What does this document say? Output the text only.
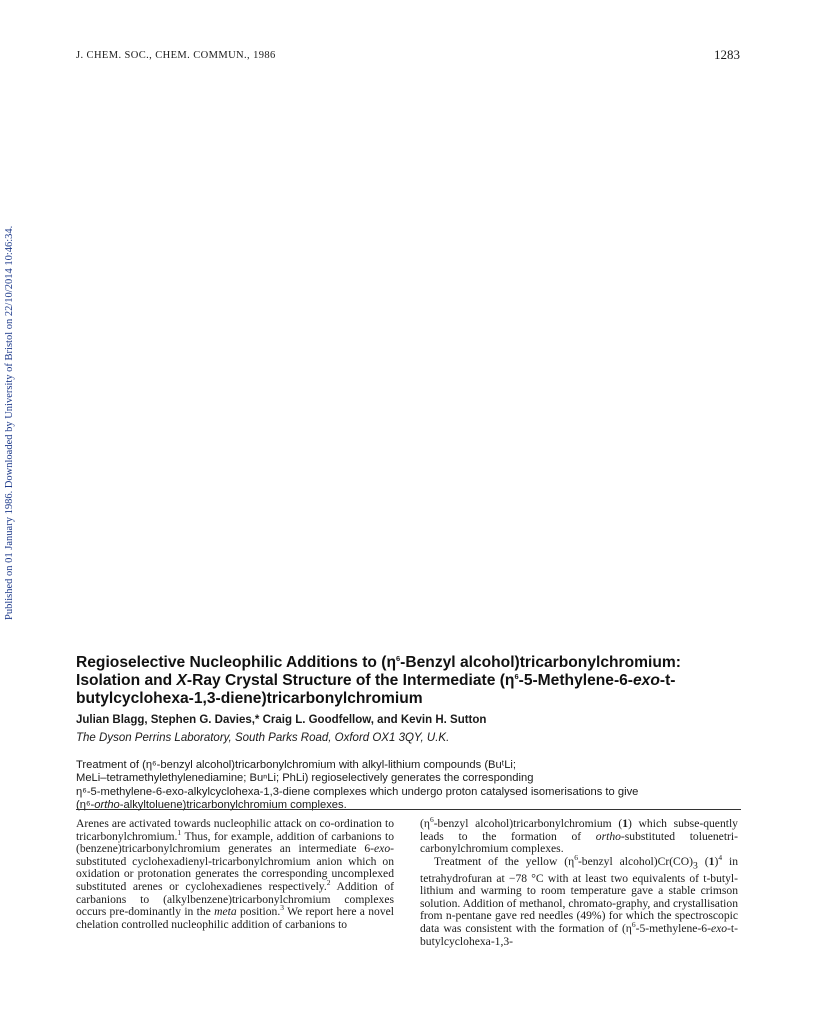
J. CHEM. SOC., CHEM. COMMUN., 1986	1283
Published on 01 January 1986. Downloaded by University of Bristol on 22/10/2014 10:46:34.
Regioselective Nucleophilic Additions to ($\eta^6$-Benzyl alcohol)tricarbonylchromium:
Isolation and X-Ray Crystal Structure of the Intermediate ($\eta^6-5-Methylene-6-exo-t-$
butylcyclohexa-1,3-diene)tricarbonylchromium
Julian Blagg, Stephen G. Davies,* Craig L. Goodfellow, and Kevin H. Sutton
The Dyson Perrins Laboratory, South Parks Road, Oxford OX1 3QY, U.K.
Treatment of (η⁶-benzyl alcohol)tricarbonylchromium with alkyl-lithium compounds (BuᵗLi;
MeLi–tetramethylethylenediamine; BuⁿLi; PhLi) regioselectively generates the corresponding
η⁶-5-methylene-6-exo-alkylcyclohexa-1,3-diene complexes which undergo proton catalysed isomerisations to give
(η⁶-ortho-alkyltoluene)tricarbonylchromium complexes.

Arenes are activated towards nucleophilic attack on co-ordination to tricarbonylchromium.$^1$ Thus, for example, addition of carbanions to (benzene)tricarbonylchromium generates an intermediate 6-exo-substituted cyclohexadienyl-tricarbonylchromium anion which on oxidation or protonation generates the corresponding uncomplexed substituted arenes or cyclohexadienes respectively.$^2$ Addition of carbanions to (alkylbenzene)tricarbonylchromium complexes occurs pre-dominantly in the meta position.$^3$ We report here a novel chelation controlled nucleophilic addition of carbanions to

($\eta^6$-benzyl alcohol)tricarbonylchromium (1) which subse-quently leads to the formation of ortho-substituted toluenetri-carbonylchromium complexes.

Treatment of the yellow ($\eta^6$-benzyl $alcohol)Cr(CO)_3$ $(1)^4$ in tetrahydrofuran at −78 °C with at least two equivalents of t-butyl-lithium and warming to room temperature gave a stable crimson solution. Addition of methanol, chromato-graphy, and crystallisation from n-pentane gave red needles (49%) for which the spectroscopic data was consistent with the formation of ($\eta^6-5-methylene-6-exo-t-butylcyclohexa-1,3-$
